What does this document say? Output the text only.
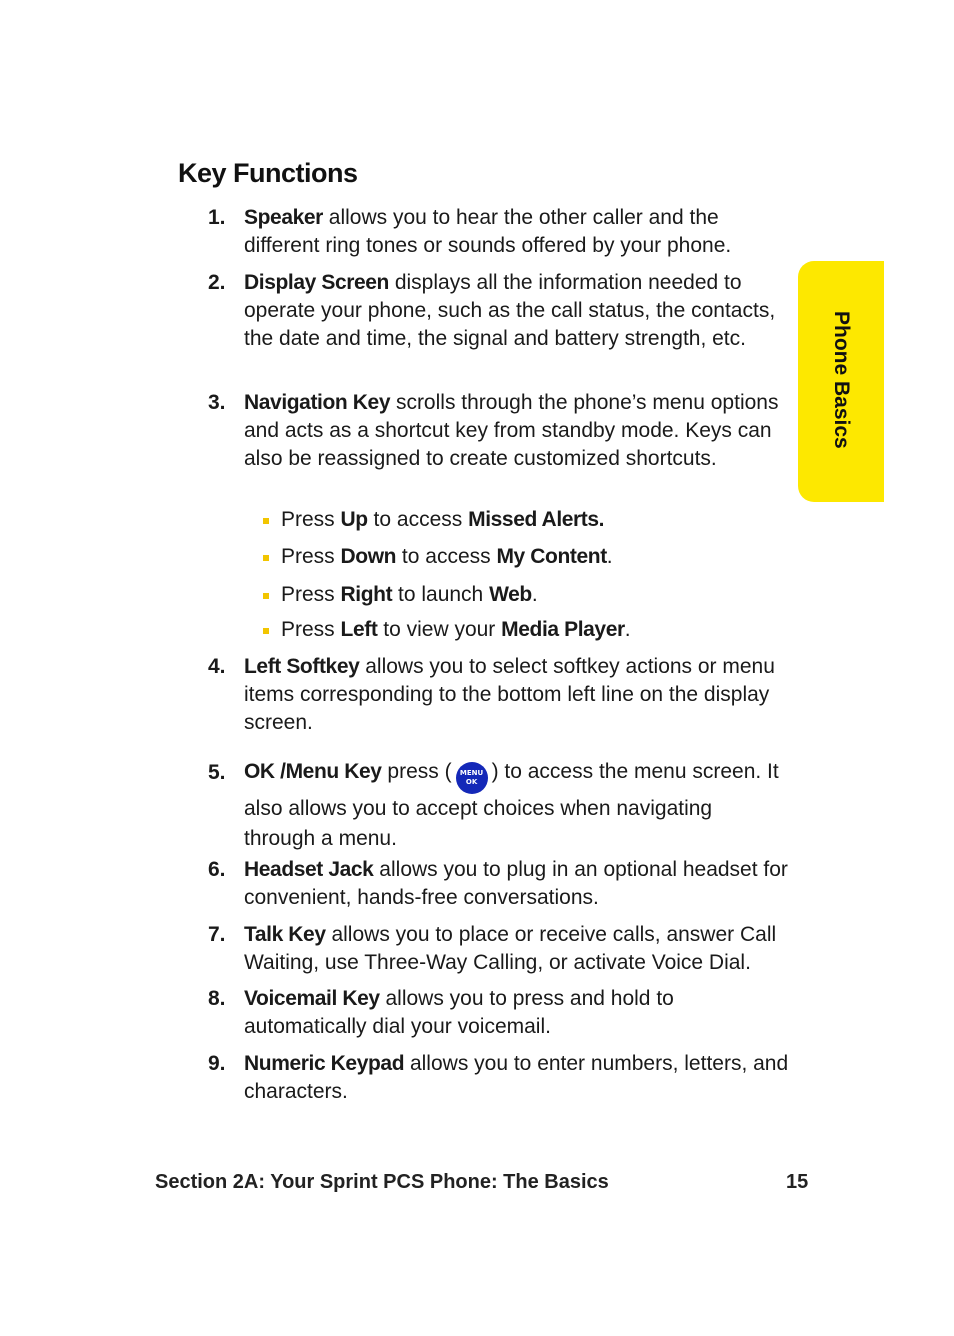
Key Functions
Phone Basics
1. Speaker allows you to hear the other caller and the different ring tones or sounds offered by your phone.
2. Display Screen displays all the information needed to operate your phone, such as the call status, the contacts, the date and time, the signal and battery strength, etc.
3. Navigation Key scrolls through the phone’s menu options and acts as a shortcut key from standby mode. Keys can also be reassigned to create customized shortcuts.
Press Up to access Missed Alerts.
Press Down to access My Content.
Press Right to launch Web.
Press Left to view your Media Player.
4. Left Softkey allows you to select softkey actions or menu items corresponding to the bottom left line on the display screen.
5. OK /Menu Key press ( MENU
OK ) to access the menu screen. It also allows you to accept choices when navigating through a menu.
6. Headset Jack allows you to plug in an optional headset for convenient, hands-free conversations.
7. Talk Key allows you to place or receive calls, answer Call Waiting, use Three-Way Calling, or activate Voice Dial.
8. Voicemail Key allows you to press and hold to automatically dial your voicemail.
9. Numeric Keypad allows you to enter numbers, letters, and characters.
Section 2A: Your Sprint PCS Phone: The Basics	15
